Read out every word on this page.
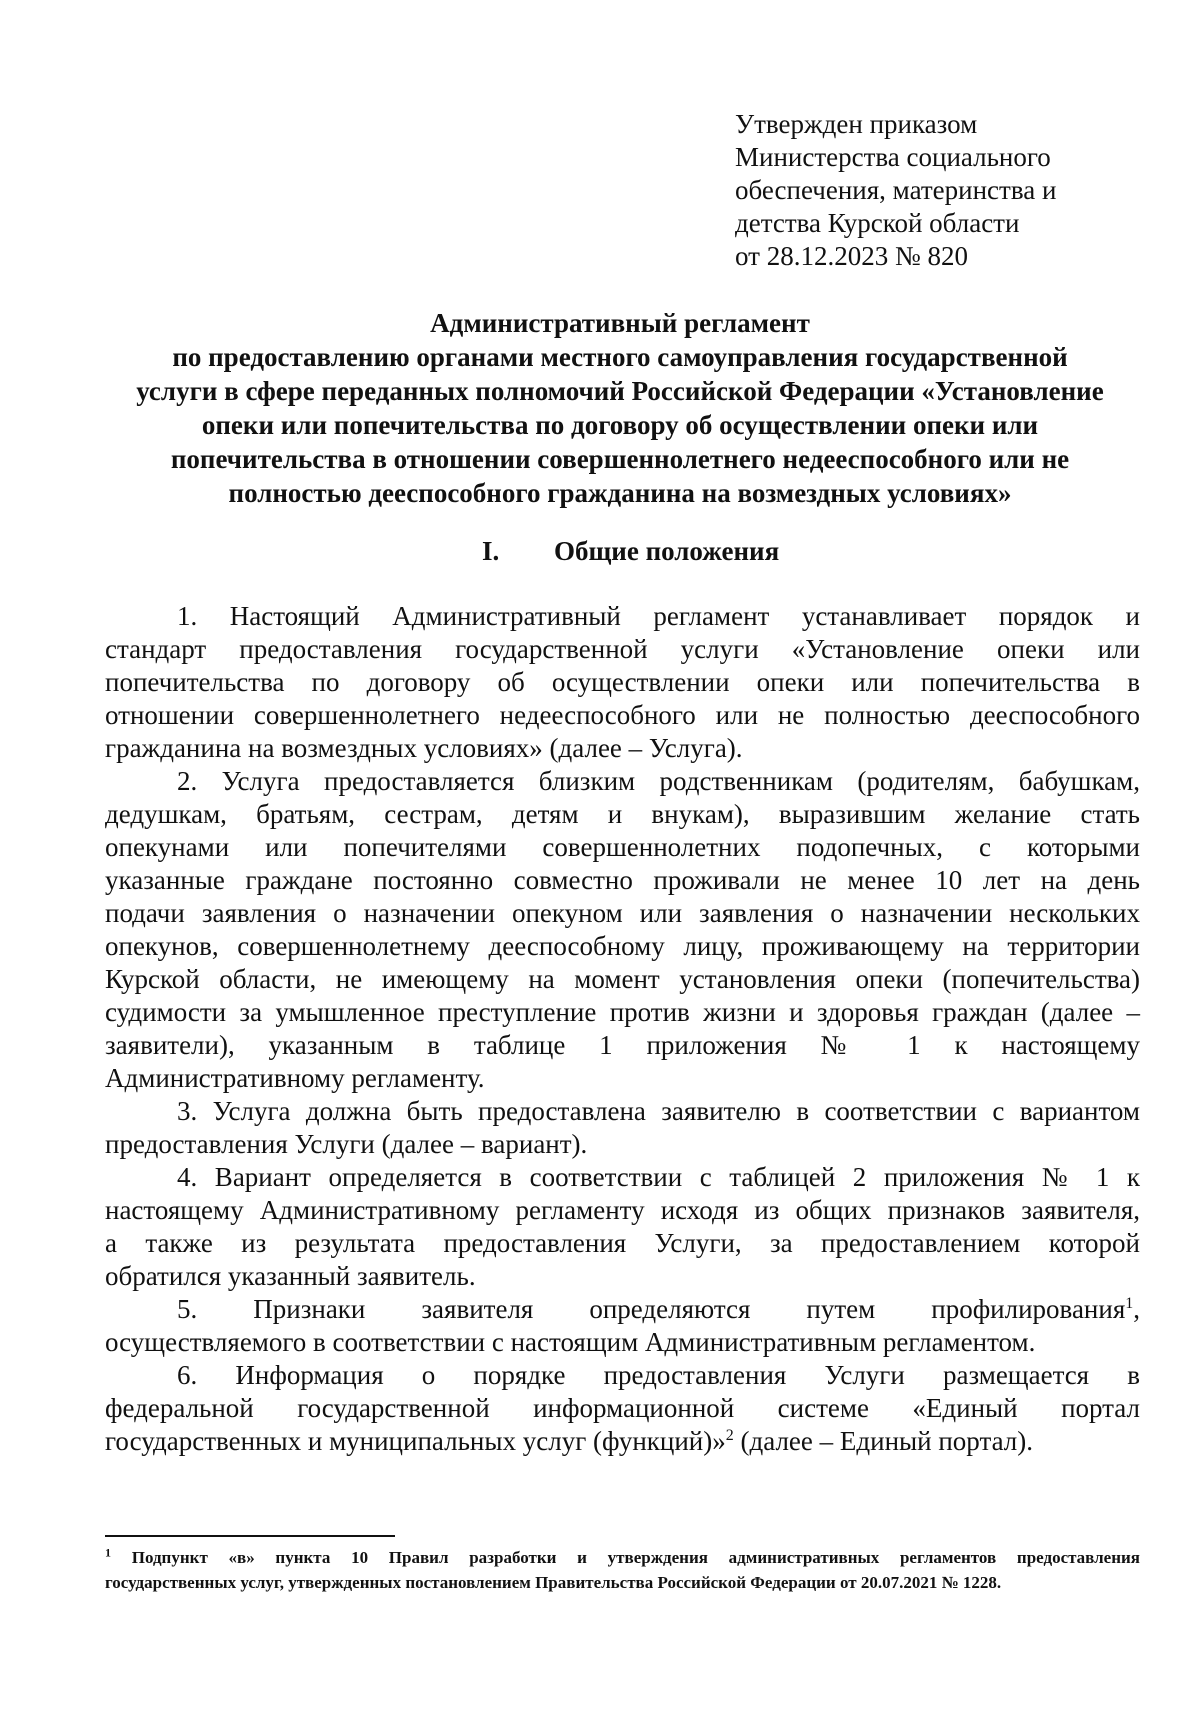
Утвержден приказом
Министерства социального
обеспечения, материнства и
детства Курской области
от 28.12.2023 № 820
Административный регламент
по предоставлению органами местного самоуправления государственной
услуги в сфере переданных полномочий Российской Федерации «Установление
опеки или попечительства по договору об осуществлении опеки или
попечительства в отношении совершеннолетнего недееспособного или не
полностью дееспособного гражданина на возмездных условиях»
I. Общие положения
1. Настоящий Административный регламент устанавливает порядок и
стандарт предоставления государственной услуги «Установление опеки или
попечительства по договору об осуществлении опеки или попечительства в
отношении совершеннолетнего недееспособного или не полностью дееспособного
гражданина на возмездных условиях» (далее – Услуга).
2. Услуга предоставляется близким родственникам (родителям, бабушкам,
дедушкам, братьям, сестрам, детям и внукам), выразившим желание стать
опекунами или попечителями совершеннолетних подопечных, с которыми
указанные граждане постоянно совместно проживали не менее 10 лет на день
подачи заявления о назначении опекуном или заявления о назначении нескольких
опекунов, совершеннолетнему дееспособному лицу, проживающему на территории
Курской области, не имеющему на момент установления опеки (попечительства)
судимости за умышленное преступление против жизни и здоровья граждан (далее –
заявители), указанным в таблице 1 приложения № 1 к настоящему
Административному регламенту.
3. Услуга должна быть предоставлена заявителю в соответствии с вариантом
предоставления Услуги (далее – вариант).
4. Вариант определяется в соответствии с таблицей 2 приложения № 1 к
настоящему Административному регламенту исходя из общих признаков заявителя,
а также из результата предоставления Услуги, за предоставлением которой
обратился указанный заявитель.
5. Признаки заявителя определяются путем профилирования$^1$,
осуществляемого в соответствии с настоящим Административным регламентом.
6. Информация о порядке предоставления Услуги размещается в
федеральной государственной информационной системе «Единый портал
государственных и муниципальных услуг (функций)»$^2$ (далее – Единый портал).
$^1$ Подпункт «в» пункта 10 Правил разработки и утверждения административных регламентов предоставления
государственных услуг, утвержденных постановлением Правительства Российской Федерации от 20.07.2021 № 1228.
